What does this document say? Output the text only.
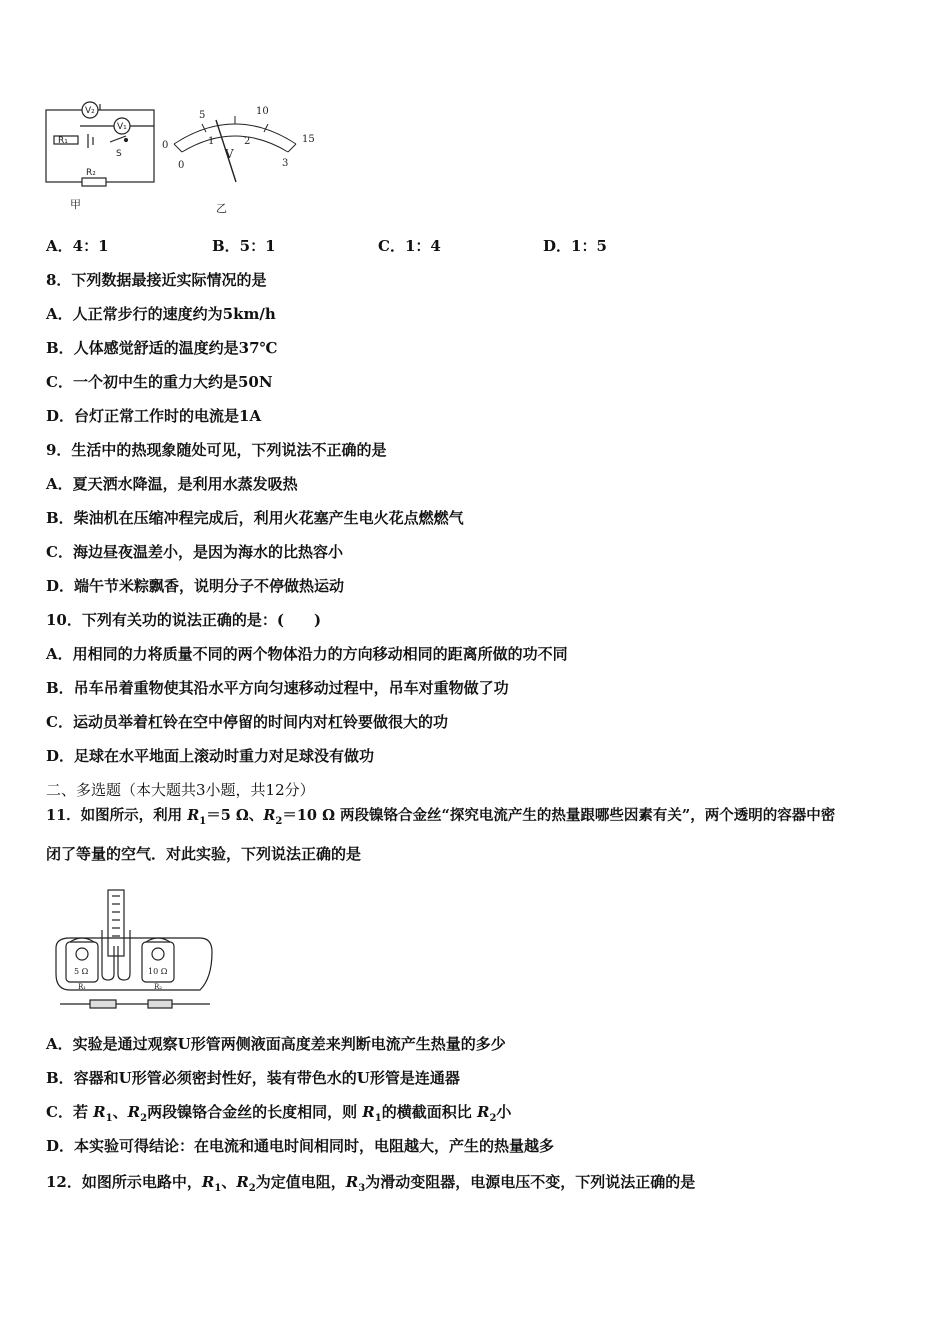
V₂
V₁
R₁
S
R₂
甲
0
5	10
15
0
1	2
3
V
乙
A．4：1	B．5：1	C．1：4	D．1：5
8．下列数据最接近实际情况的是
A．人正常步行的速度约为5km/h
B．人体感觉舒适的温度约是37℃
C．一个初中生的重力大约是50N
D．台灯正常工作时的电流是1A
9．生活中的热现象随处可见，下列说法不正确的是
A．夏天洒水降温，是利用水蒸发吸热
B．柴油机在压缩冲程完成后，利用火花塞产生电火花点燃燃气
C．海边昼夜温差小，是因为海水的比热容小
D．端午节米粽飘香，说明分子不停做热运动
10．下列有关功的说法正确的是：(　　)
A．用相同的力将质量不同的两个物体沿力的方向移动相同的距离所做的功不同
B．吊车吊着重物使其沿水平方向匀速移动过程中，吊车对重物做了功
C．运动员举着杠铃在空中停留的时间内对杠铃要做很大的功
D．足球在水平地面上滚动时重力对足球没有做功
二、多选题（本大题共3小题，共12分）
11．如图所示，利用 $R_1=5$ Ω、$R_2=10$ Ω 两段镍铬合金丝“探究电流产生的热量跟哪些因素有关”，两个透明的容器中密
闭了等量的空气．对此实验，下列说法正确的是
5 Ω	10 Ω
R₁	R₂
A．实验是通过观察U形管两侧液面高度差来判断电流产生热量的多少
B．容器和U形管必须密封性好，装有带色水的U形管是连通器
C．若 $R_1$、$R_2$两段镍铬合金丝的长度相同，则 $R_1$的横截面积比 $R_2$小
D．本实验可得结论：在电流和通电时间相同时，电阻越大，产生的热量越多
12．如图所示电路中，$R_1$、$R_2$为定值电阻，$R_3$为滑动变阻器，电源电压不变，下列说法正确的是
